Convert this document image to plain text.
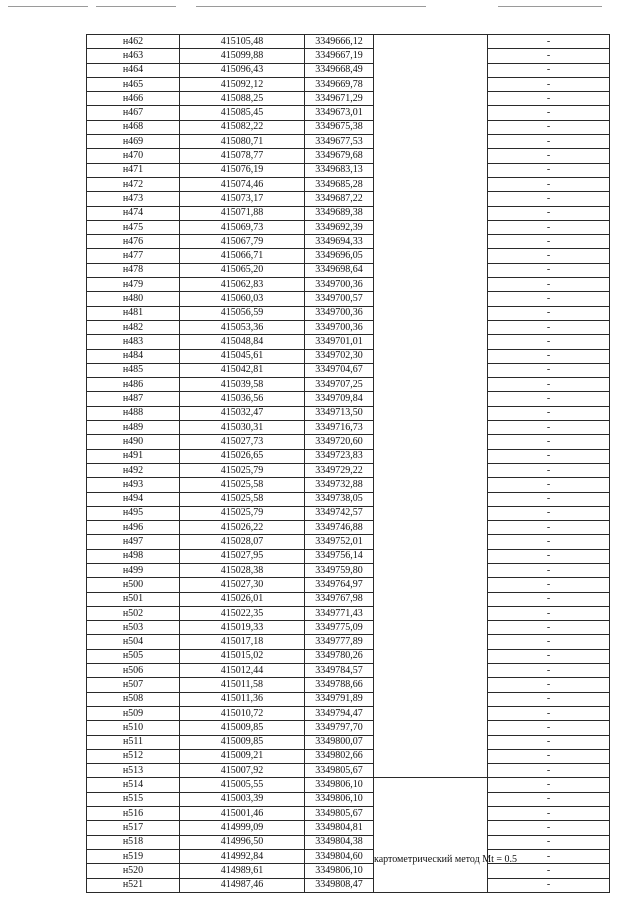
н462	415105,48	3349666,12		-
н463	415099,88	3349667,19		-
н464	415096,43	3349668,49		-
н465	415092,12	3349669,78		-
н466	415088,25	3349671,29		-
н467	415085,45	3349673,01		-
н468	415082,22	3349675,38		-
н469	415080,71	3349677,53		-
н470	415078,77	3349679,68		-
н471	415076,19	3349683,13		-
н472	415074,46	3349685,28		-
н473	415073,17	3349687,22		-
н474	415071,88	3349689,38		-
н475	415069,73	3349692,39		-
н476	415067,79	3349694,33		-
н477	415066,71	3349696,05		-
н478	415065,20	3349698,64		-
н479	415062,83	3349700,36		-
н480	415060,03	3349700,57		-
н481	415056,59	3349700,36		-
н482	415053,36	3349700,36		-
н483	415048,84	3349701,01		-
н484	415045,61	3349702,30		-
н485	415042,81	3349704,67		-
н486	415039,58	3349707,25		-
н487	415036,56	3349709,84		-
н488	415032,47	3349713,50		-
н489	415030,31	3349716,73		-
н490	415027,73	3349720,60		-
н491	415026,65	3349723,83		-
н492	415025,79	3349729,22		-
н493	415025,58	3349732,88		-
н494	415025,58	3349738,05		-
н495	415025,79	3349742,57		-
н496	415026,22	3349746,88		-
н497	415028,07	3349752,01		-
н498	415027,95	3349756,14		-
н499	415028,38	3349759,80		-
н500	415027,30	3349764,97		-
н501	415026,01	3349767,98		-
н502	415022,35	3349771,43		-
н503	415019,33	3349775,09		-
н504	415017,18	3349777,89		-
н505	415015,02	3349780,26		-
н506	415012,44	3349784,57		-
н507	415011,58	3349788,66		-
н508	415011,36	3349791,89		-
н509	415010,72	3349794,47		-
н510	415009,85	3349797,70		-
н511	415009,85	3349800,07		-
н512	415009,21	3349802,66		-
н513	415007,92	3349805,67		-
н514	415005,55	3349806,10	картометрический метод Mt = 0.5	-
н515	415003,39	3349806,10		-
н516	415001,46	3349805,67		-
н517	414999,09	3349804,81		-
н518	414996,50	3349804,38		-
н519	414992,84	3349804,60		-
н520	414989,61	3349806,10		-
н521	414987,46	3349808,47		-
